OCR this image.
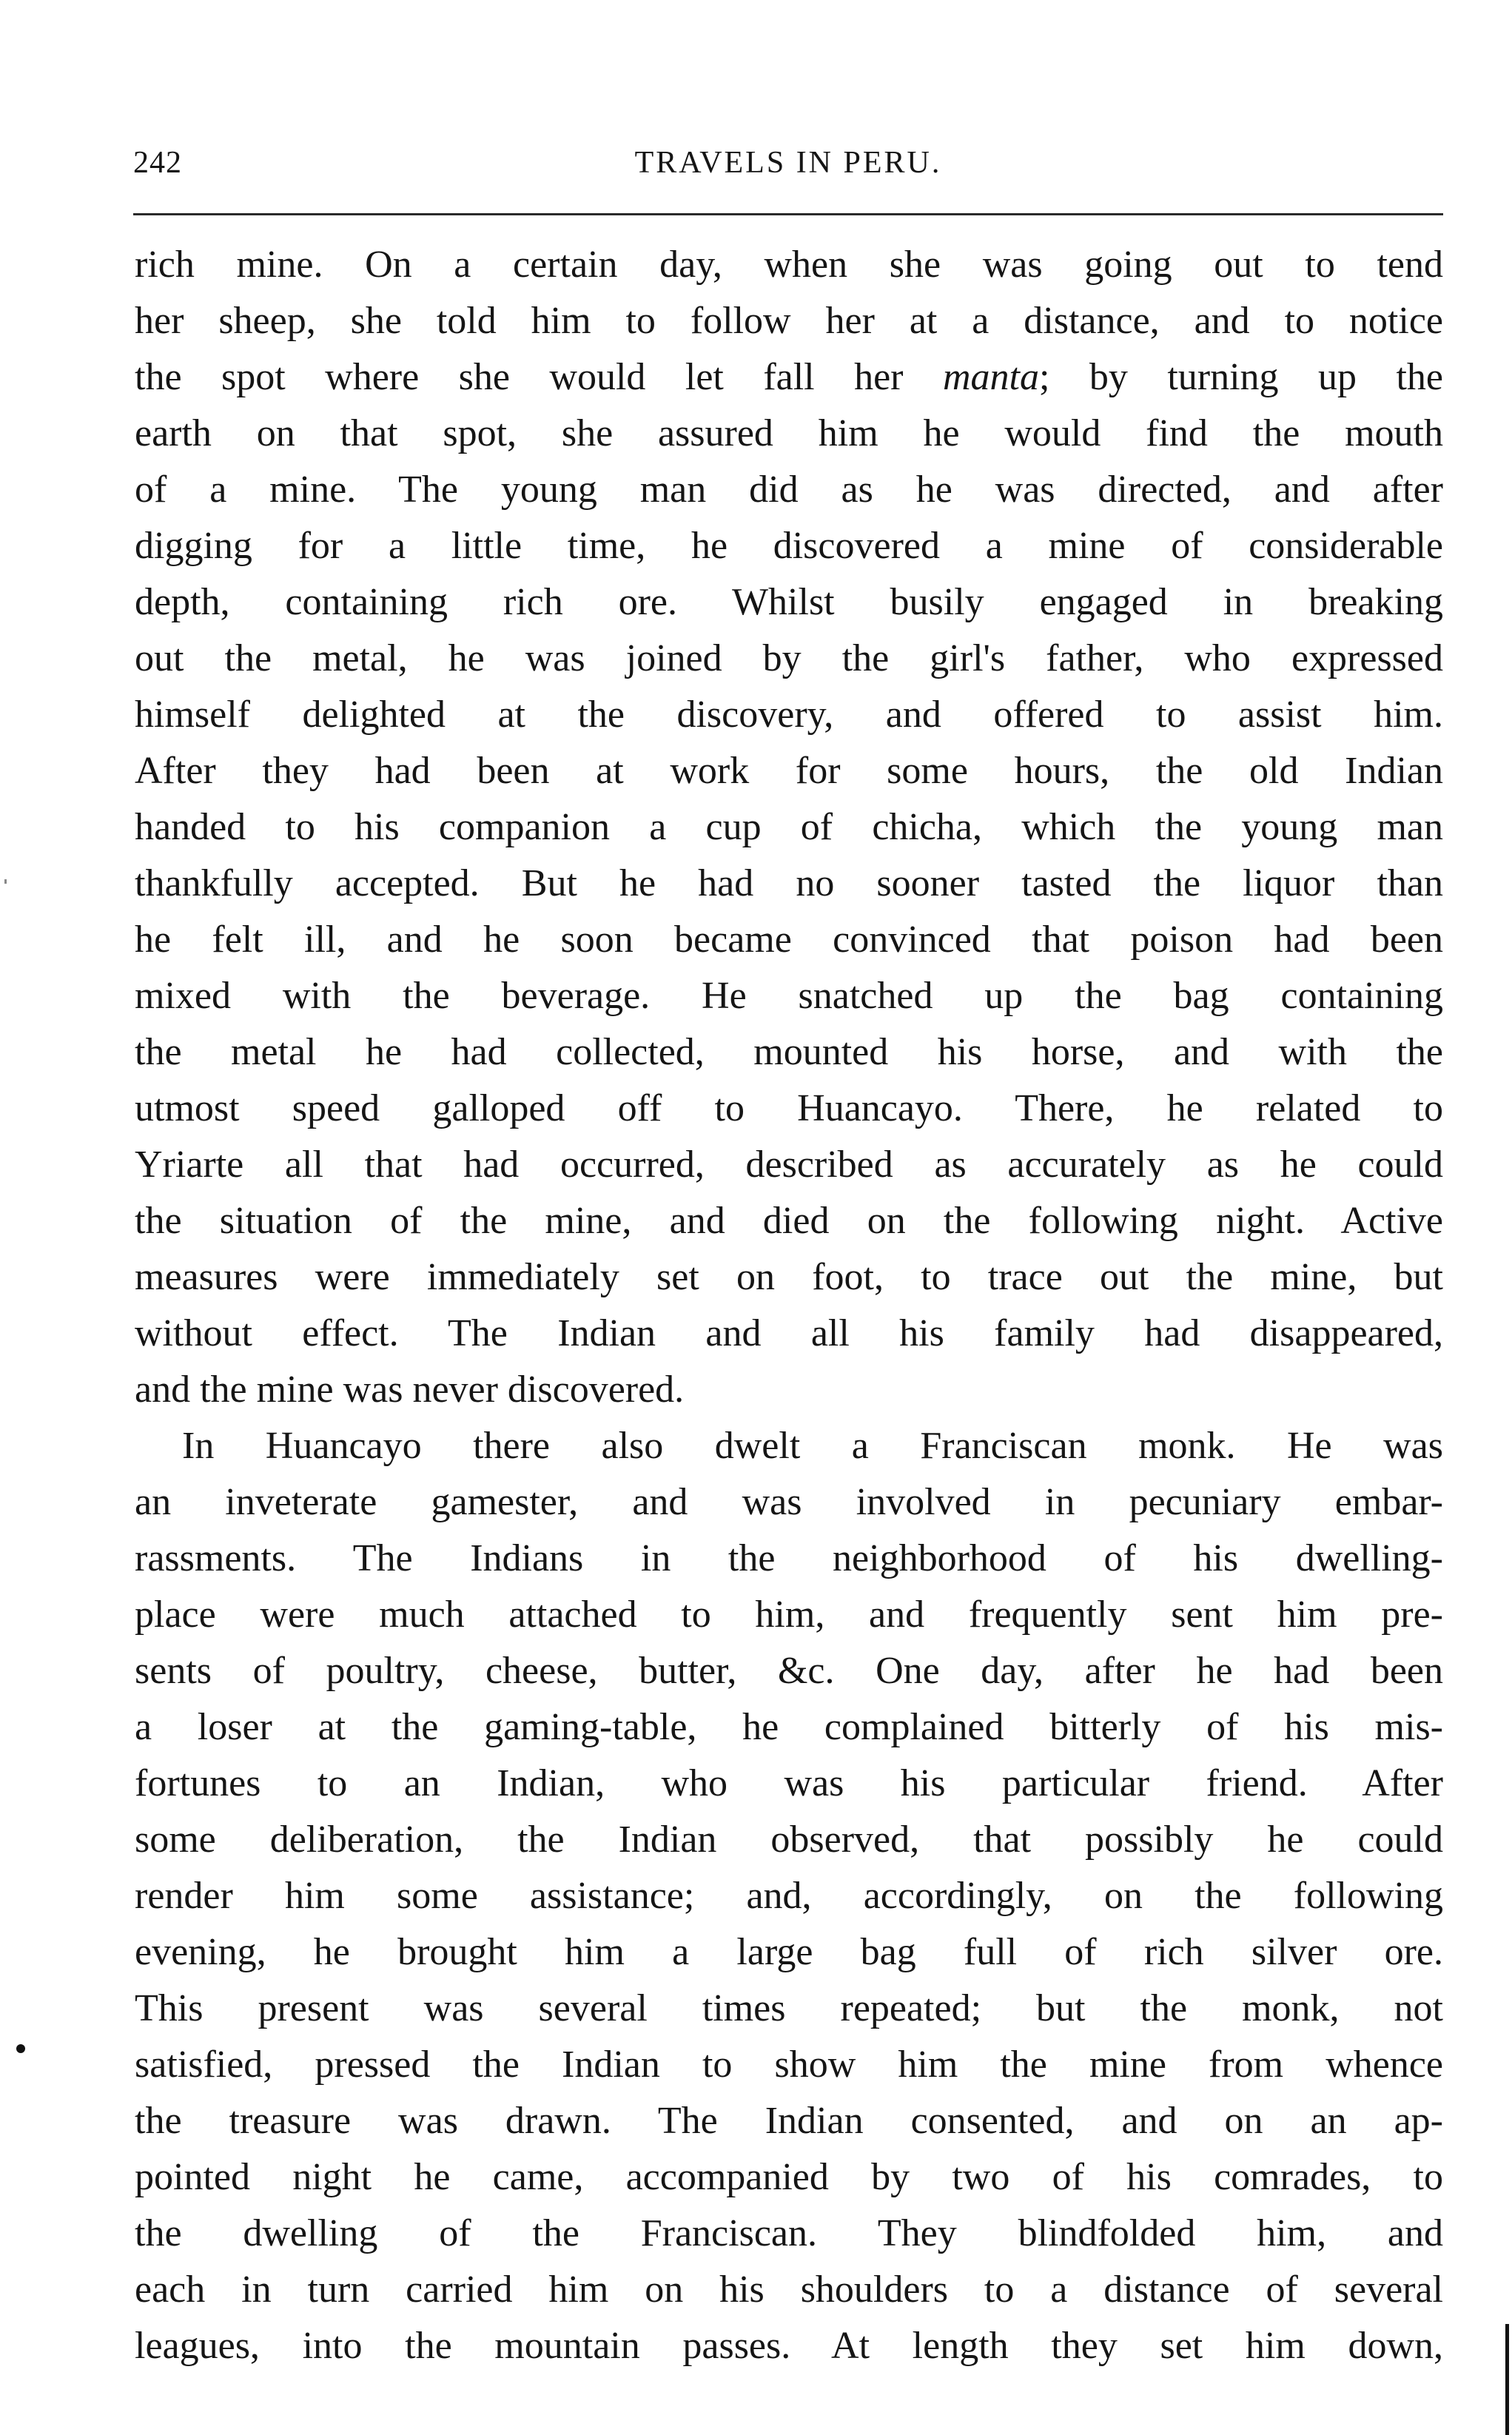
242	TRAVELS IN PERU.
rich mine. On a certain day, when she was going out to tend
her sheep, she told him to follow her at a distance, and to notice
the spot where she would let fall her manta; by turning up the
earth on that spot, she assured him he would find the mouth
of a mine. The young man did as he was directed, and after
digging for a little time, he discovered a mine of considerable
depth, containing rich ore. Whilst busily engaged in breaking
out the metal, he was joined by the girl's father, who expressed
himself delighted at the discovery, and offered to assist him.
After they had been at work for some hours, the old Indian
handed to his companion a cup of chicha, which the young man
thankfully accepted. But he had no sooner tasted the liquor than
he felt ill, and he soon became convinced that poison had been
mixed with the beverage. He snatched up the bag containing
the metal he had collected, mounted his horse, and with the
utmost speed galloped off to Huancayo. There, he related to
Yriarte all that had occurred, described as accurately as he could
the situation of the mine, and died on the following night. Active
measures were immediately set on foot, to trace out the mine, but
without effect. The Indian and all his family had disappeared,
and the mine was never discovered.
In Huancayo there also dwelt a Franciscan monk. He was
an inveterate gamester, and was involved in pecuniary embar-
rassments. The Indians in the neighborhood of his dwelling-
place were much attached to him, and frequently sent him pre-
sents of poultry, cheese, butter, &c. One day, after he had been
a loser at the gaming-table, he complained bitterly of his mis-
fortunes to an Indian, who was his particular friend. After
some deliberation, the Indian observed, that possibly he could
render him some assistance; and, accordingly, on the following
evening, he brought him a large bag full of rich silver ore.
This present was several times repeated; but the monk, not
satisfied, pressed the Indian to show him the mine from whence
the treasure was drawn. The Indian consented, and on an ap-
pointed night he came, accompanied by two of his comrades, to
the dwelling of the Franciscan. They blindfolded him, and
each in turn carried him on his shoulders to a distance of several
leagues, into the mountain passes. At length they set him down,
